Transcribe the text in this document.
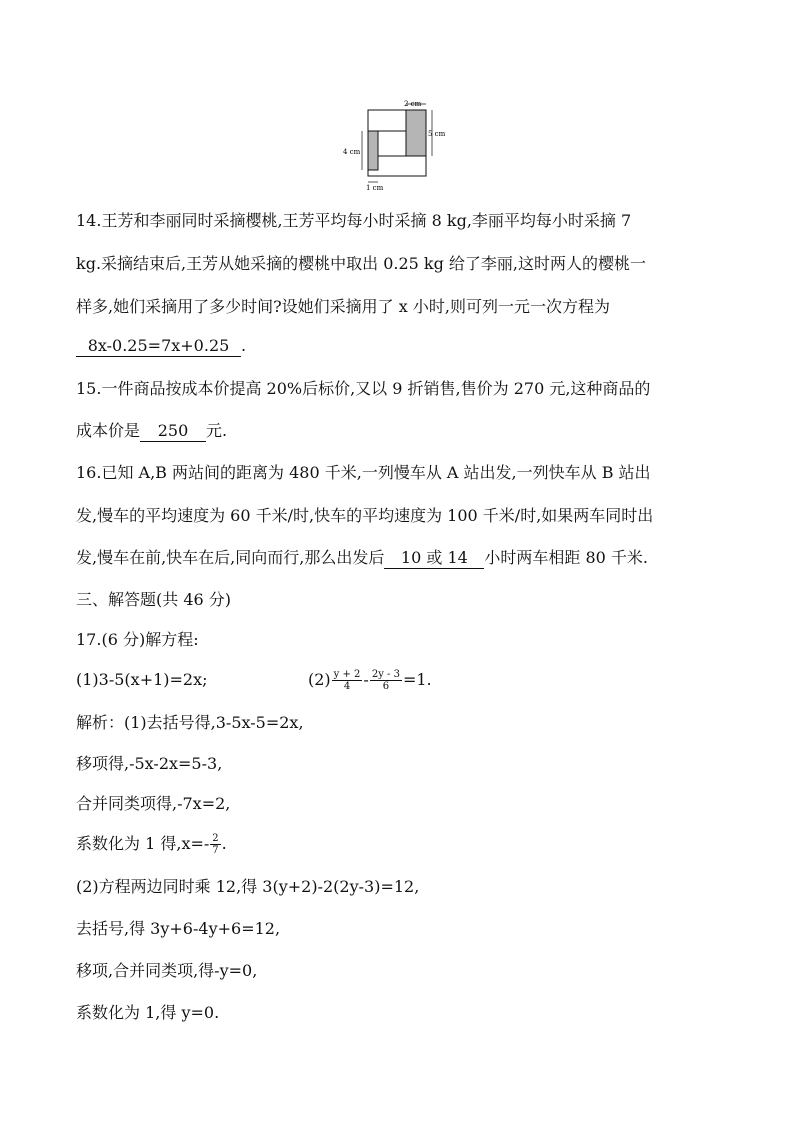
2 cm
5 cm
4 cm
1 cm
14.王芳和李丽同时采摘樱桃,王芳平均每小时采摘 8 kg,李丽平均每小时采摘 7
kg.采摘结束后,王芳从她采摘的樱桃中取出 0.25 kg 给了李丽,这时两人的樱桃一
样多,她们采摘用了多少时间?设她们采摘用了 x 小时,则可列一元一次方程为
8x-0.25=7x+0.25 .
15.一件商品按成本价提高 20%后标价,又以 9 折销售,售价为 270 元,这种商品的
成本价是 250 元.
16.已知 A,B 两站间的距离为 480 千米,一列慢车从 A 站出发,一列快车从 B 站出
发,慢车的平均速度为 60 千米/时,快车的平均速度为 100 千米/时,如果两车同时出
发,慢车在前,快车在后,同向而行,那么出发后 10 或 14 小时两车相距 80 千米.
三、解答题(共 46 分)
17.(6 分)解方程:
(1)3-5(x+1)=2x;	$(2) \frac{y + 2}{4} - \frac{2y - 3}{6} =1$.
解析：(1)去括号得,3-5x-5=2x,
移项得,-5x-2x=5-3,
合并同类项得,-7x=2,
系数化为 1 得$,x=- \frac{2}{7}$ .
(2)方程两边同时乘 12,得 3(y+2)-2(2y-3)=12,
去括号,得 3y+6-4y+6=12,
移项,合并同类项,得-y=0,
系数化为 1,得 y=0.
